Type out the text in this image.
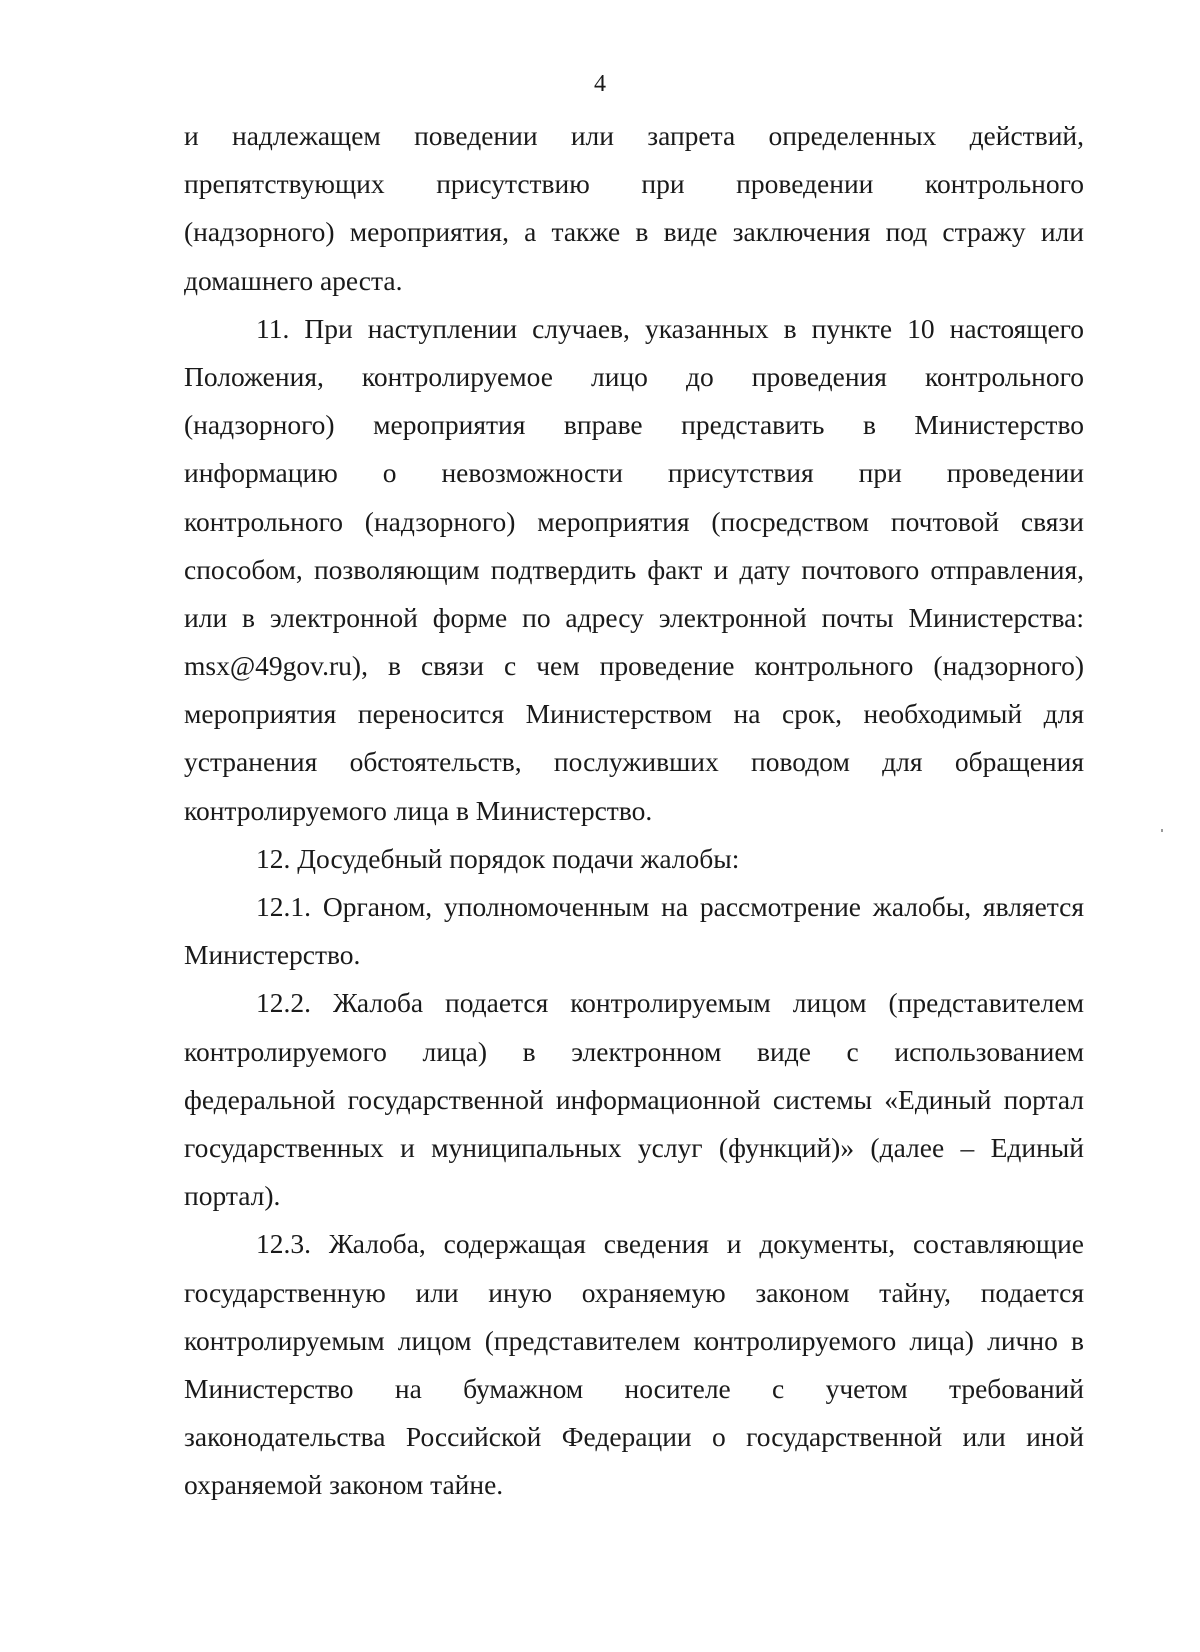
4
и надлежащем поведении или запрета определенных действий,
препятствующих присутствию при проведении контрольного
(надзорного) мероприятия, а также в виде заключения под стражу или
домашнего ареста.
11. При наступлении случаев, указанных в пункте 10 настоящего
Положения, контролируемое лицо до проведения контрольного
(надзорного) мероприятия вправе представить в Министерство
информацию о невозможности присутствия при проведении
контрольного (надзорного) мероприятия (посредством почтовой связи
способом, позволяющим подтвердить факт и дату почтового отправления,
или в электронной форме по адресу электронной почты Министерства:
msx@49gov.ru), в связи с чем проведение контрольного (надзорного)
мероприятия переносится Министерством на срок, необходимый для
устранения обстоятельств, послуживших поводом для обращения
контролируемого лица в Министерство.
12. Досудебный порядок подачи жалобы:
12.1. Органом, уполномоченным на рассмотрение жалобы, является
Министерство.
12.2. Жалоба подается контролируемым лицом (представителем
контролируемого лица) в электронном виде с использованием
федеральной государственной информационной системы «Единый портал
государственных и муниципальных услуг (функций)» (далее – Единый
портал).
12.3. Жалоба, содержащая сведения и документы, составляющие
государственную или иную охраняемую законом тайну, подается
контролируемым лицом (представителем контролируемого лица) лично в
Министерство на бумажном носителе с учетом требований
законодательства Российской Федерации о государственной или иной
охраняемой законом тайне.
